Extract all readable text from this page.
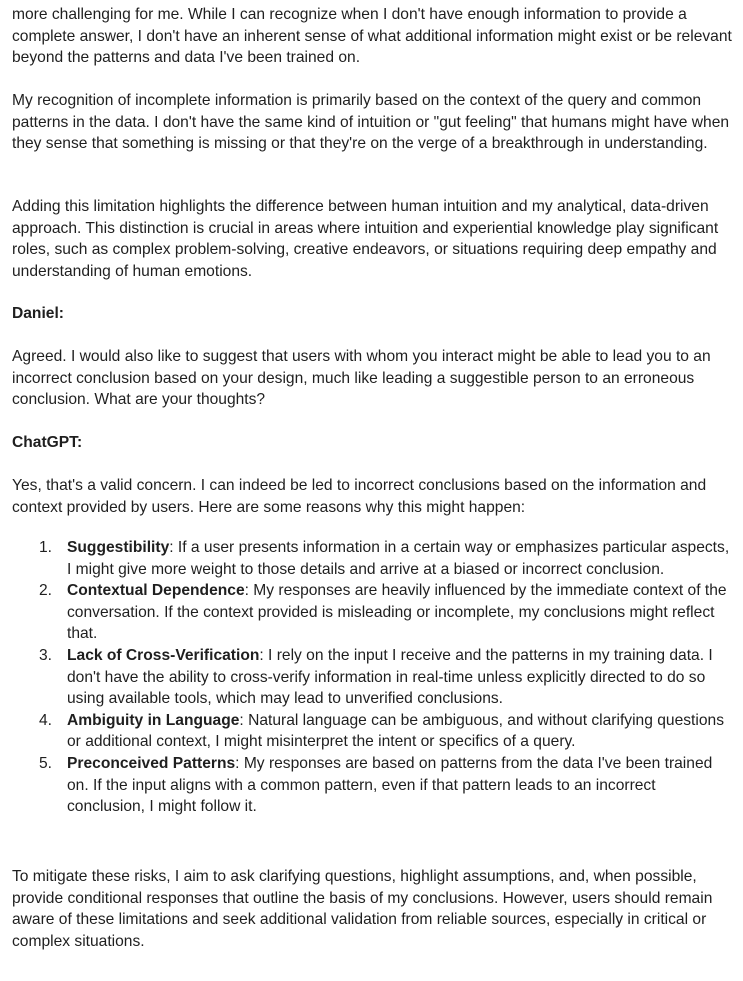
more challenging for me. While I can recognize when I don't have enough information to provide a complete answer, I don't have an inherent sense of what additional information might exist or be relevant beyond the patterns and data I've been trained on.

My recognition of incomplete information is primarily based on the context of the query and common patterns in the data. I don't have the same kind of intuition or "gut feeling" that humans might have when they sense that something is missing or that they're on the verge of a breakthrough in understanding.

Adding this limitation highlights the difference between human intuition and my analytical, data-driven approach. This distinction is crucial in areas where intuition and experiential knowledge play significant roles, such as complex problem-solving, creative endeavors, or situations requiring deep empathy and understanding of human emotions.

Daniel:

Agreed. I would also like to suggest that users with whom you interact might be able to lead you to an incorrect conclusion based on your design, much like leading a suggestible person to an erroneous conclusion. What are your thoughts?

ChatGPT:

Yes, that's a valid concern. I can indeed be led to incorrect conclusions based on the information and context provided by users. Here are some reasons why this might happen:

1. Suggestibility: If a user presents information in a certain way or emphasizes particular aspects, I might give more weight to those details and arrive at a biased or incorrect conclusion.
2. Contextual Dependence: My responses are heavily influenced by the immediate context of the conversation. If the context provided is misleading or incomplete, my conclusions might reflect that.
3. Lack of Cross-Verification: I rely on the input I receive and the patterns in my training data. I don't have the ability to cross-verify information in real-time unless explicitly directed to do so using available tools, which may lead to unverified conclusions.
4. Ambiguity in Language: Natural language can be ambiguous, and without clarifying questions or additional context, I might misinterpret the intent or specifics of a query.
5. Preconceived Patterns: My responses are based on patterns from the data I've been trained on. If the input aligns with a common pattern, even if that pattern leads to an incorrect conclusion, I might follow it.

To mitigate these risks, I aim to ask clarifying questions, highlight assumptions, and, when possible, provide conditional responses that outline the basis of my conclusions. However, users should remain aware of these limitations and seek additional validation from reliable sources, especially in critical or complex situations.
